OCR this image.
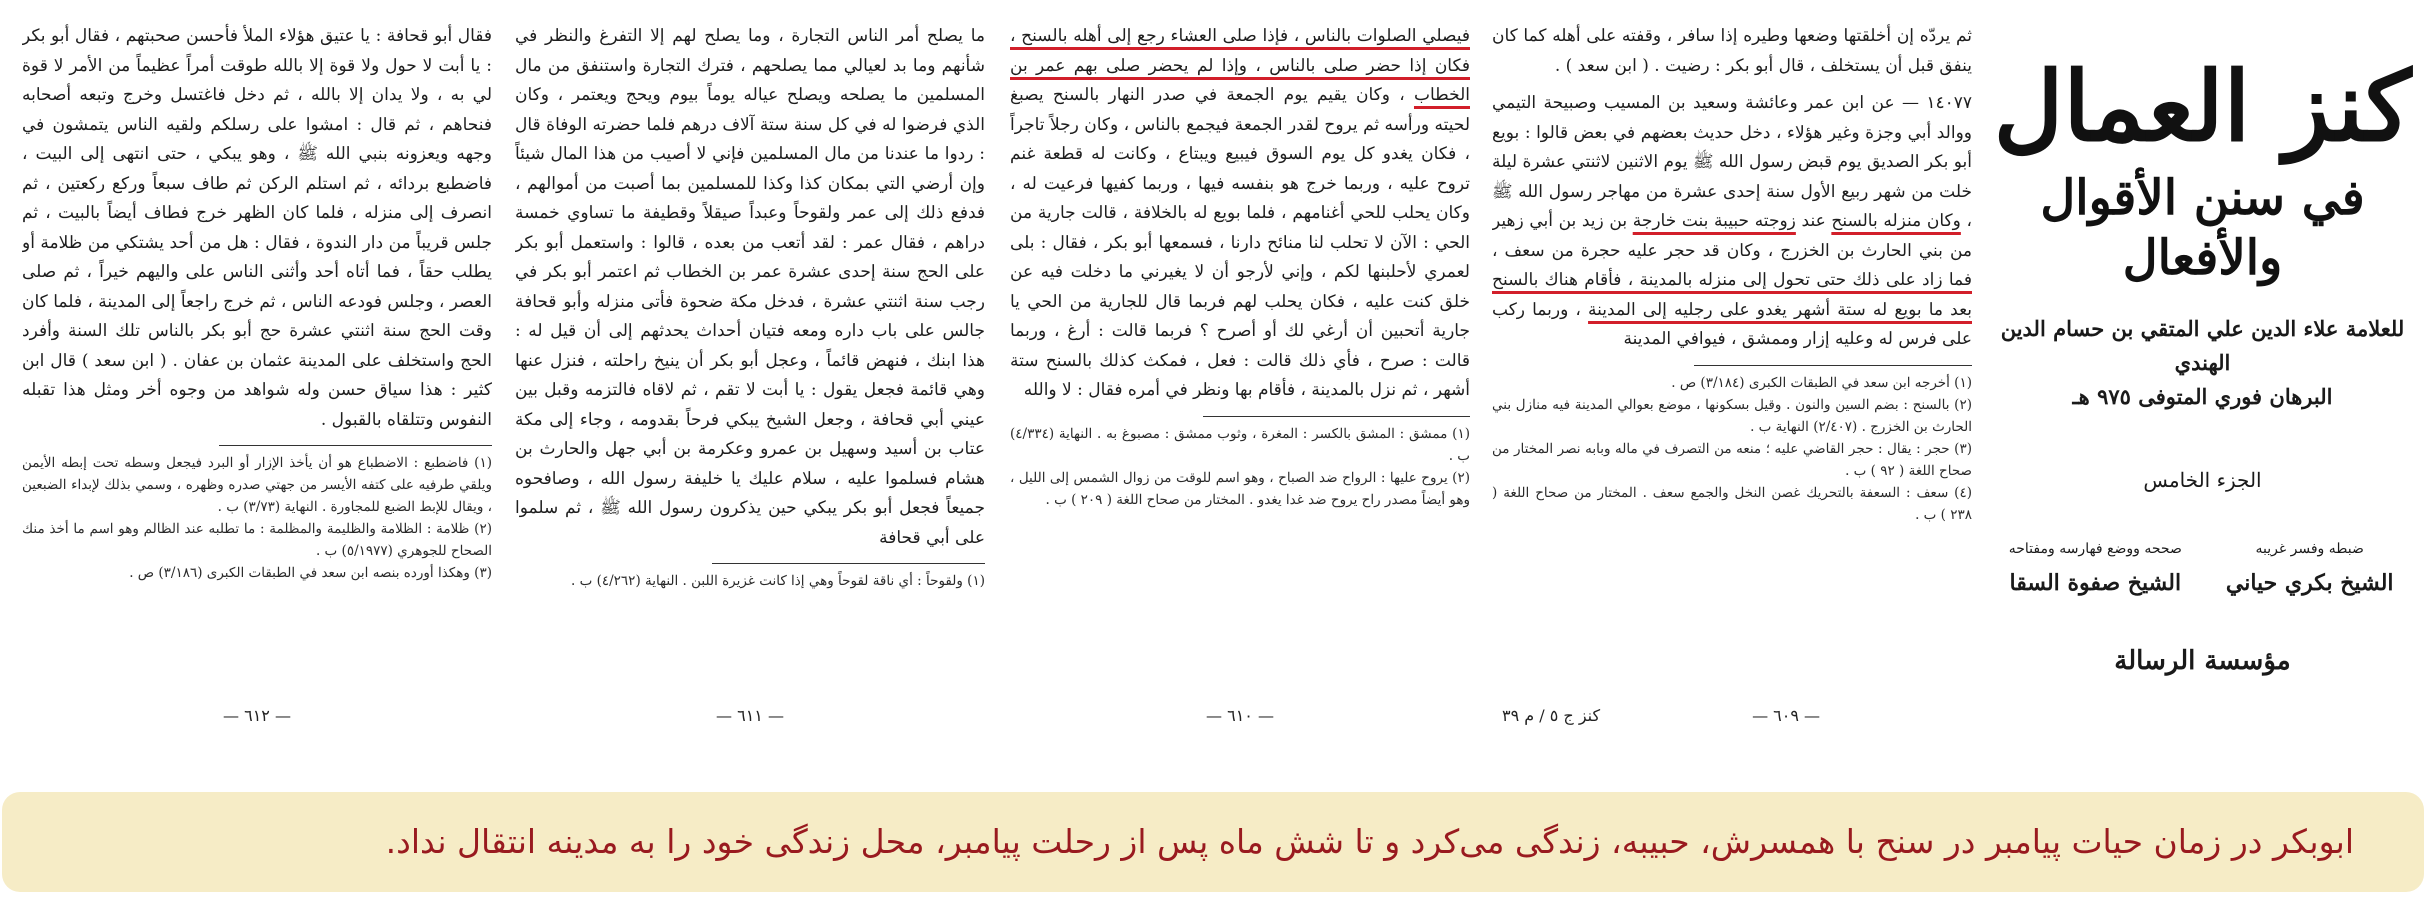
كنز العمال
في سنن الأقوال والأفعال
للعلامة علاء الدين علي المتقي بن حسام الدين الهندي
البرهان فوري المتوفى ٩٧٥ هـ
الجزء الخامس
ضبطه وفسر غريبه
الشيخ بكري حياني
صححه ووضع فهارسه ومفتاحه
الشيخ صفوة السقا
مؤسسة الرسالة

ثم يردّه إن أخلقتها وضعها وطيره إذا سافر ، وقفته على أهله كما كان ينفق قبل أن يستخلف ، قال أبو بكر : رضيت . ( ابن سعد ) .

١٤٠٧٧ — عن ابن عمر وعائشة وسعيد بن المسيب وصبيحة التيمي ووالد أبي وجزة وغير هؤلاء ، دخل حديث بعضهم في بعض قالوا : بويع أبو بكر الصديق يوم قبض رسول الله ﷺ يوم الاثنين لاثنتي عشرة ليلة خلت من شهر ربيع الأول سنة إحدى عشرة من مهاجر رسول الله ﷺ ، وكان منزله بالسنح عند زوجته حبيبة بنت خارجة بن زيد بن أبي زهير من بني الحارث بن الخزرج ، وكان قد حجر عليه حجرة من سعف ، فما زاد على ذلك حتى تحول إلى منزله بالمدينة ، فأقام هناك بالسنح بعد ما بويع له ستة أشهر يغدو على رجليه إلى المدينة ، وربما ركب على فرس له وعليه إزار وممشق ، فيوافي المدينة

(١) أخرجه ابن سعد في الطبقات الكبرى (٣/١٨٤) ص .

(٢) بالسنح : بضم السين والنون . وقيل بسكونها ، موضع بعوالي المدينة فيه منازل بني الحارث بن الخزرج . (٢/٤٠٧) النهاية ب .

(٣) حجر : يقال : حجر القاضي عليه ؛ منعه من التصرف في ماله وبابه نصر المختار من صحاح اللغة ( ٩٢ ) ب .

(٤) سعف : السعفة بالتحريك غصن النخل والجمع سعف . المختار من صحاح اللغة ( ٢٣٨ ) ب .

كنز ج ٥ / م ٣٩	— ٦٠٩ —

فيصلي الصلوات بالناس ، فإذا صلى العشاء رجع إلى أهله بالسنح ، فكان إذا حضر صلى بالناس ، وإذا لم يحضر صلى بهم عمر بن الخطاب ، وكان يقيم يوم الجمعة في صدر النهار بالسنح يصبغ لحيته ورأسه ثم يروح لقدر الجمعة فيجمع بالناس ، وكان رجلاً تاجراً ، فكان يغدو كل يوم السوق فيبيع ويبتاع ، وكانت له قطعة غنم تروح عليه ، وربما خرج هو بنفسه فيها ، وربما كفيها فرعيت له ، وكان يحلب للحي أغنامهم ، فلما بويع له بالخلافة ، قالت جارية من الحي : الآن لا تحلب لنا منائح دارنا ، فسمعها أبو بكر ، فقال : بلى لعمري لأحلبنها لكم ، وإني لأرجو أن لا يغيرني ما دخلت فيه عن خلق كنت عليه ، فكان يحلب لهم فربما قال للجارية من الحي يا جارية أتحبين أن أرغي لك أو أصرح ؟ فربما قالت : أرغ ، وربما قالت : صرح ، فأي ذلك قالت : فعل ، فمكث كذلك بالسنح ستة أشهر ، ثم نزل بالمدينة ، فأقام بها ونظر في أمره فقال : لا والله

(١) ممشق : المشق بالكسر : المغرة ، وثوب ممشق : مصبوغ به . النهاية (٤/٣٣٤) ب .

(٢) يروح عليها : الرواح ضد الصباح ، وهو اسم للوقت من زوال الشمس إلى الليل ، وهو أيضاً مصدر راح يروح ضد غدا يغدو . المختار من صحاح اللغة ( ٢٠٩ ) ب .

— ٦١٠ —

ما يصلح أمر الناس التجارة ، وما يصلح لهم إلا التفرغ والنظر في شأنهم وما بد لعيالي مما يصلحهم ، فترك التجارة واستنفق من مال المسلمين ما يصلحه ويصلح عياله يوماً بيوم ويحج ويعتمر ، وكان الذي فرضوا له في كل سنة ستة آلاف درهم فلما حضرته الوفاة قال : ردوا ما عندنا من مال المسلمين فإني لا أصيب من هذا المال شيئاً وإن أرضي التي بمكان كذا وكذا للمسلمين بما أصبت من أموالهم ، فدفع ذلك إلى عمر ولقوحاً وعبداً صيقلاً وقطيفة ما تساوي خمسة دراهم ، فقال عمر : لقد أتعب من بعده ، قالوا : واستعمل أبو بكر على الحج سنة إحدى عشرة عمر بن الخطاب ثم اعتمر أبو بكر في رجب سنة اثنتي عشرة ، فدخل مكة ضحوة فأتى منزله وأبو قحافة جالس على باب داره ومعه فتيان أحداث يحدثهم إلى أن قيل له : هذا ابنك ، فنهض قائماً ، وعجل أبو بكر أن ينيخ راحلته ، فنزل عنها وهي قائمة فجعل يقول : يا أبت لا تقم ، ثم لاقاه فالتزمه وقبل بين عيني أبي قحافة ، وجعل الشيخ يبكي فرحاً بقدومه ، وجاء إلى مكة عتاب بن أسيد وسهيل بن عمرو وعكرمة بن أبي جهل والحارث بن هشام فسلموا عليه ، سلام عليك يا خليفة رسول الله ، وصافحوه جميعاً فجعل أبو بكر يبكي حين يذكرون رسول الله ﷺ ، ثم سلموا على أبي قحافة

(١) ولقوحاً : أي ناقة لقوحاً وهي إذا كانت غزيرة اللبن . النهاية (٤/٢٦٢) ب .

— ٦١١ —

فقال أبو قحافة : يا عتيق هؤلاء الملأ فأحسن صحبتهم ، فقال أبو بكر : يا أبت لا حول ولا قوة إلا بالله طوقت أمراً عظيماً من الأمر لا قوة لي به ، ولا يدان إلا بالله ، ثم دخل فاغتسل وخرج وتبعه أصحابه فنحاهم ، ثم قال : امشوا على رسلكم ولقيه الناس يتمشون في وجهه ويعزونه بنبي الله ﷺ ، وهو يبكي ، حتى انتهى إلى البيت ، فاضطبع بردائه ، ثم استلم الركن ثم طاف سبعاً وركع ركعتين ، ثم انصرف إلى منزله ، فلما كان الظهر خرج فطاف أيضاً بالبيت ، ثم جلس قريباً من دار الندوة ، فقال : هل من أحد يشتكي من ظلامة أو يطلب حقاً ، فما أتاه أحد وأثنى الناس على واليهم خيراً ، ثم صلى العصر ، وجلس فودعه الناس ، ثم خرج راجعاً إلى المدينة ، فلما كان وقت الحج سنة اثنتي عشرة حج أبو بكر بالناس تلك السنة وأفرد الحج واستخلف على المدينة عثمان بن عفان . ( ابن سعد ) قال ابن كثير : هذا سياق حسن وله شواهد من وجوه أخر ومثل هذا تقبله النفوس وتتلقاه بالقبول .

(١) فاضطبع : الاضطباع هو أن يأخذ الإزار أو البرد فيجعل وسطه تحت إبطه الأيمن ويلقي طرفيه على كتفه الأيسر من جهتي صدره وظهره ، وسمي بذلك لإبداء الضبعين ، ويقال للإبط الضبع للمجاورة . النهاية (٣/٧٣) ب .

(٢) ظلامة : الظلامة والظليمة والمظلمة : ما تطلبه عند الظالم وهو اسم ما أخذ منك الصحاح للجوهري (٥/١٩٧٧) ب .

(٣) وهكذا أورده بنصه ابن سعد في الطبقات الكبرى (٣/١٨٦) ص .

— ٦١٢ —
ابوبکر در زمان حیات پیامبر در سنح با همسرش، حبیبه، زندگی می‌کرد و تا شش ماه پس از رحلت پیامبر، محل زندگی خود را به مدینه انتقال نداد.
